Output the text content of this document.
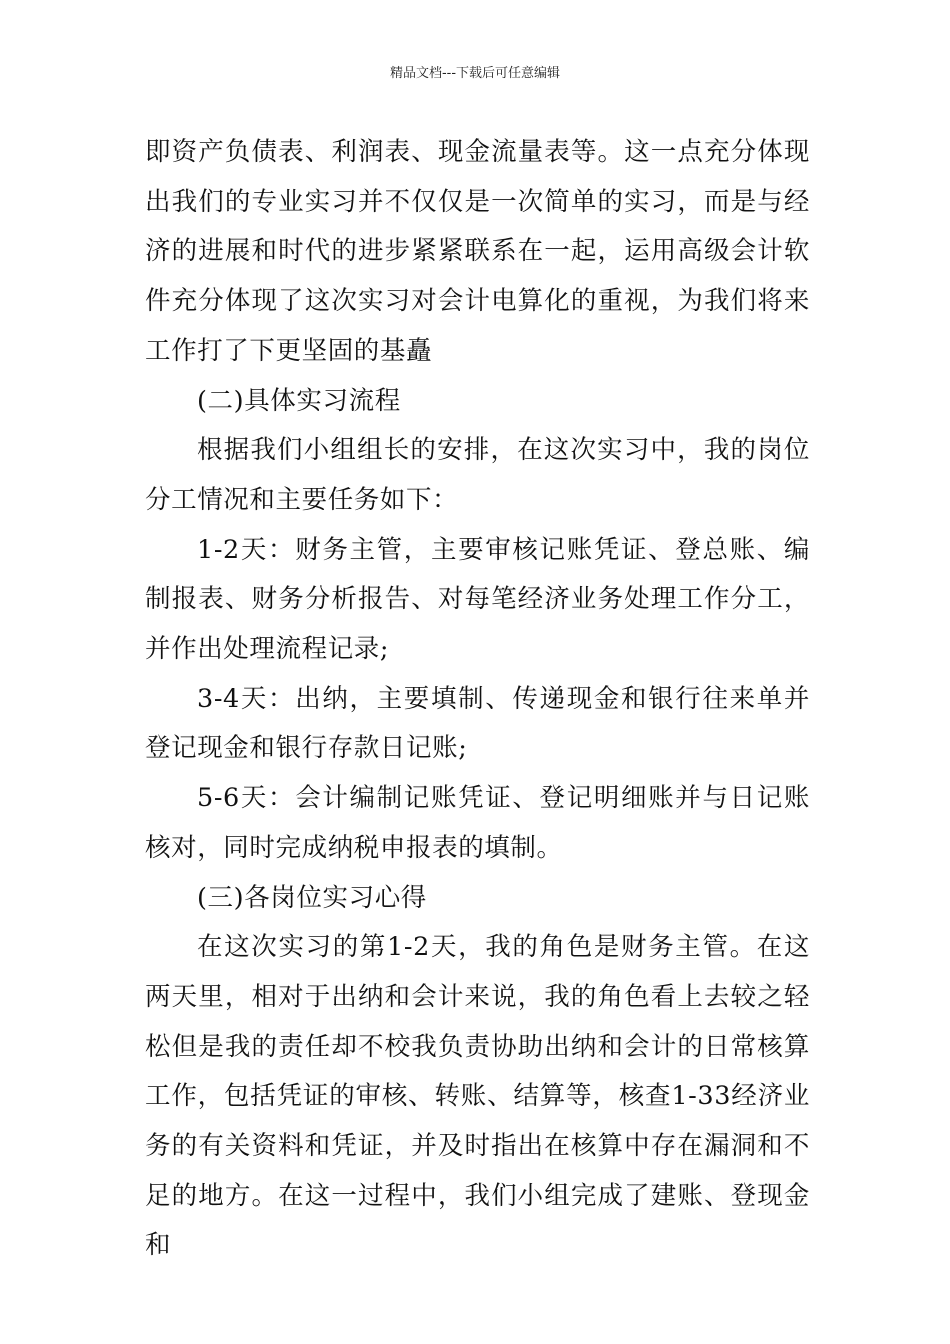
精品文档---下载后可任意编辑

即资产负债表、利润表、现金流量表等。这一点充分体现出我们的专业实习并不仅仅是一次简单的实习，而是与经济的进展和时代的进步紧紧联系在一起，运用高级会计软件充分体现了这次实习对会计电算化的重视，为我们将来工作打了下更坚固的基矗

(二)具体实习流程

根据我们小组组长的安排，在这次实习中，我的岗位分工情况和主要任务如下：

1-2天：财务主管，主要审核记账凭证、登总账、编制报表、财务分析报告、对每笔经济业务处理工作分工，并作出处理流程记录;

3-4天：出纳，主要填制、传递现金和银行往来单并登记现金和银行存款日记账;

5-6天：会计编制记账凭证、登记明细账并与日记账核对，同时完成纳税申报表的填制。

(三)各岗位实习心得

在这次实习的第1-2天，我的角色是财务主管。在这两天里，相对于出纳和会计来说，我的角色看上去较之轻松但是我的责任却不校我负责协助出纳和会计的日常核算工作，包括凭证的审核、转账、结算等，核查1-33经济业务的有关资料和凭证，并及时指出在核算中存在漏洞和不足的地方。在这一过程中，我们小组完成了建账、登现金和
